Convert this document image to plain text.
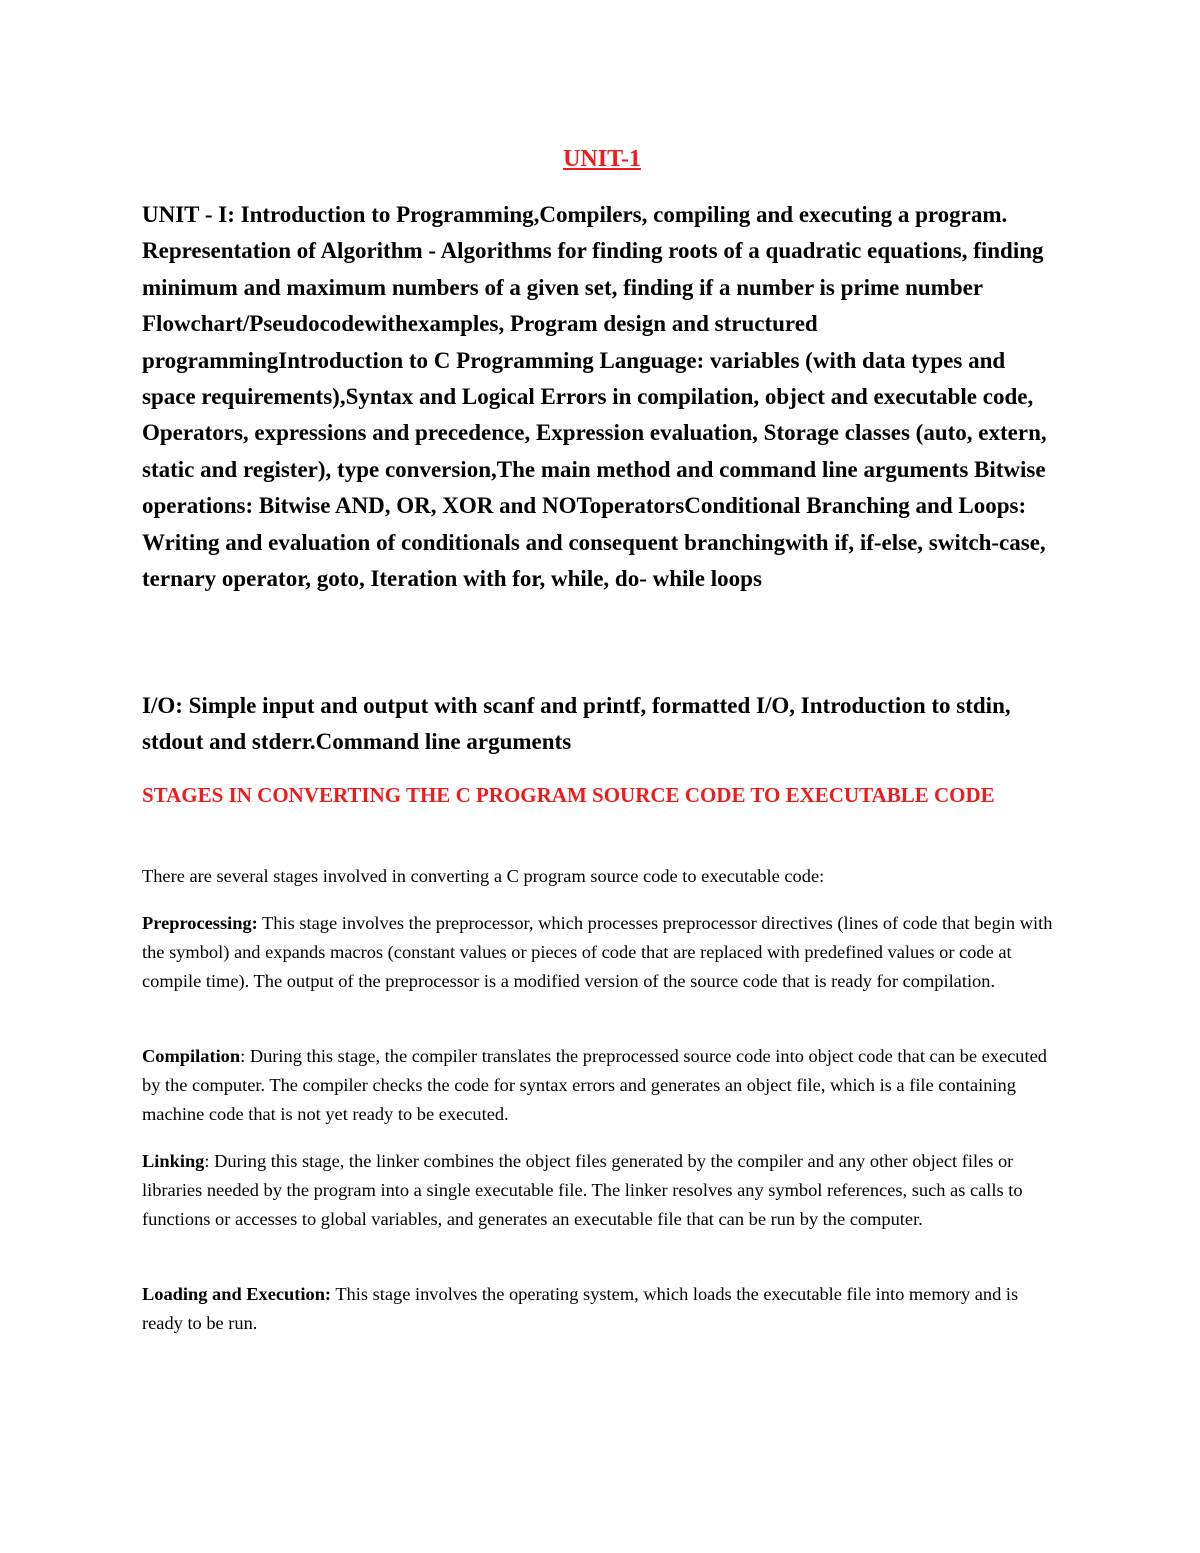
UNIT-1

UNIT - I: Introduction to Programming,Compilers, compiling and executing a program. Representation of Algorithm - Algorithms for finding roots of a quadratic equations, finding minimum and maximum numbers of a given set, finding if a number is prime number Flowchart/Pseudocodewithexamples, Program design and structured programmingIntroduction to C Programming Language: variables (with data types and space requirements),Syntax and Logical Errors in compilation, object and executable code, Operators, expressions and precedence, Expression evaluation, Storage classes (auto, extern, static and register), type conversion,The main method and command line arguments Bitwise operations: Bitwise AND, OR, XOR and NOToperatorsConditional Branching and Loops: Writing and evaluation of conditionals and consequent branchingwith if, if-else, switch-case, ternary operator, goto, Iteration with for, while, do- while loops

I/O: Simple input and output with scanf and printf, formatted I/O, Introduction to stdin, stdout and stderr.Command line arguments

STAGES IN CONVERTING THE C PROGRAM SOURCE CODE TO EXECUTABLE CODE

There are several stages involved in converting a C program source code to executable code:

Preprocessing: This stage involves the preprocessor, which processes preprocessor directives (lines of code that begin with the symbol) and expands macros (constant values or pieces of code that are replaced with predefined values or code at compile time). The output of the preprocessor is a modified version of the source code that is ready for compilation.

Compilation: During this stage, the compiler translates the preprocessed source code into object code that can be executed by the computer. The compiler checks the code for syntax errors and generates an object file, which is a file containing machine code that is not yet ready to be executed.

Linking: During this stage, the linker combines the object files generated by the compiler and any other object files or libraries needed by the program into a single executable file. The linker resolves any symbol references, such as calls to functions or accesses to global variables, and generates an executable file that can be run by the computer.

Loading and Execution: This stage involves the operating system, which loads the executable file into memory and is ready to be run.
